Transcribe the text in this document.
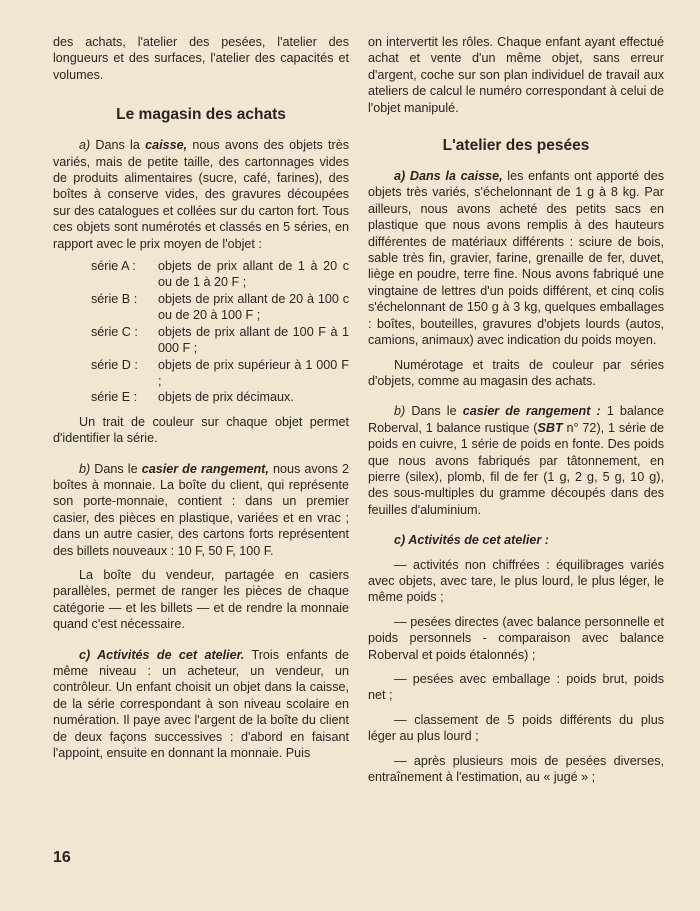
des achats, l'atelier des pesées, l'atelier des longueurs et des surfaces, l'atelier des capacités et volumes.

Le magasin des achats

a) Dans la caisse, nous avons des objets très variés, mais de petite taille, des cartonnages vides de produits alimentaires (sucre, café, farines), des boîtes à conserve vides, des gravures découpées sur des catalogues et collées sur du carton fort. Tous ces objets sont numérotés et classés en 5 séries, en rapport avec le prix moyen de l'objet :

série A :	objets de prix allant de 1 à 20 c ou de 1 à 20 F ;
série B :	objets de prix allant de 20 à 100 c ou de 20 à 100 F ;
série C :	objets de prix allant de 100 F à 1 000 F ;
série D :	objets de prix supérieur à 1 000 F ;
série E :	objets de prix décimaux.

Un trait de couleur sur chaque objet permet d'identifier la série.

b) Dans le casier de rangement, nous avons 2 boîtes à monnaie. La boîte du client, qui représente son porte-monnaie, contient : dans un premier casier, des pièces en plastique, variées et en vrac ; dans un autre casier, des cartons forts représentent des billets nouveaux : 10 F, 50 F, 100 F.

La boîte du vendeur, partagée en casiers parallèles, permet de ranger les pièces de chaque catégorie — et les billets — et de rendre la monnaie quand c'est nécessaire.

c) Activités de cet atelier. Trois enfants de même niveau : un acheteur, un vendeur, un contrôleur. Un enfant choisit un objet dans la caisse, de la série correspondant à son niveau scolaire en numération. Il paye avec l'argent de la boîte du client de deux façons successives : d'abord en faisant l'appoint, ensuite en donnant la monnaie. Puis

on intervertit les rôles. Chaque enfant ayant effectué achat et vente d'un même objet, sans erreur d'argent, coche sur son plan individuel de travail aux ateliers de calcul le numéro correspondant à celui de l'objet manipulé.

L'atelier des pesées

a) Dans la caisse, les enfants ont apporté des objets très variés, s'échelonnant de 1 g à 8 kg. Par ailleurs, nous avons acheté des petits sacs en plastique que nous avons remplis à des hauteurs différentes de matériaux différents : sciure de bois, sable très fin, gravier, farine, grenaille de fer, duvet, liège en poudre, terre fine. Nous avons fabriqué une vingtaine de lettres d'un poids différent, et cinq colis s'échelonnant de 150 g à 3 kg, quelques emballages : boîtes, bouteilles, gravures d'objets lourds (autos, camions, animaux) avec indication du poids moyen.

Numérotage et traits de couleur par séries d'objets, comme au magasin des achats.

b) Dans le casier de rangement : 1 balance Roberval, 1 balance rustique (SBT n° 72), 1 série de poids en cuivre, 1 série de poids en fonte. Des poids que nous avons fabriqués par tâtonnement, en pierre (silex), plomb, fil de fer (1 g, 2 g, 5 g, 10 g), des sous-multiples du gramme découpés dans des feuilles d'aluminium.

c) Activités de cet atelier :

— activités non chiffrées : équilibrages variés avec objets, avec tare, le plus lourd, le plus léger, le même poids ;

— pesées directes (avec balance personnelle et poids personnels - comparaison avec balance Roberval et poids étalonnés) ;

— pesées avec emballage : poids brut, poids net ;

— classement de 5 poids différents du plus léger au plus lourd ;

— après plusieurs mois de pesées diverses, entraînement à l'estimation, au « jugé » ;

16
